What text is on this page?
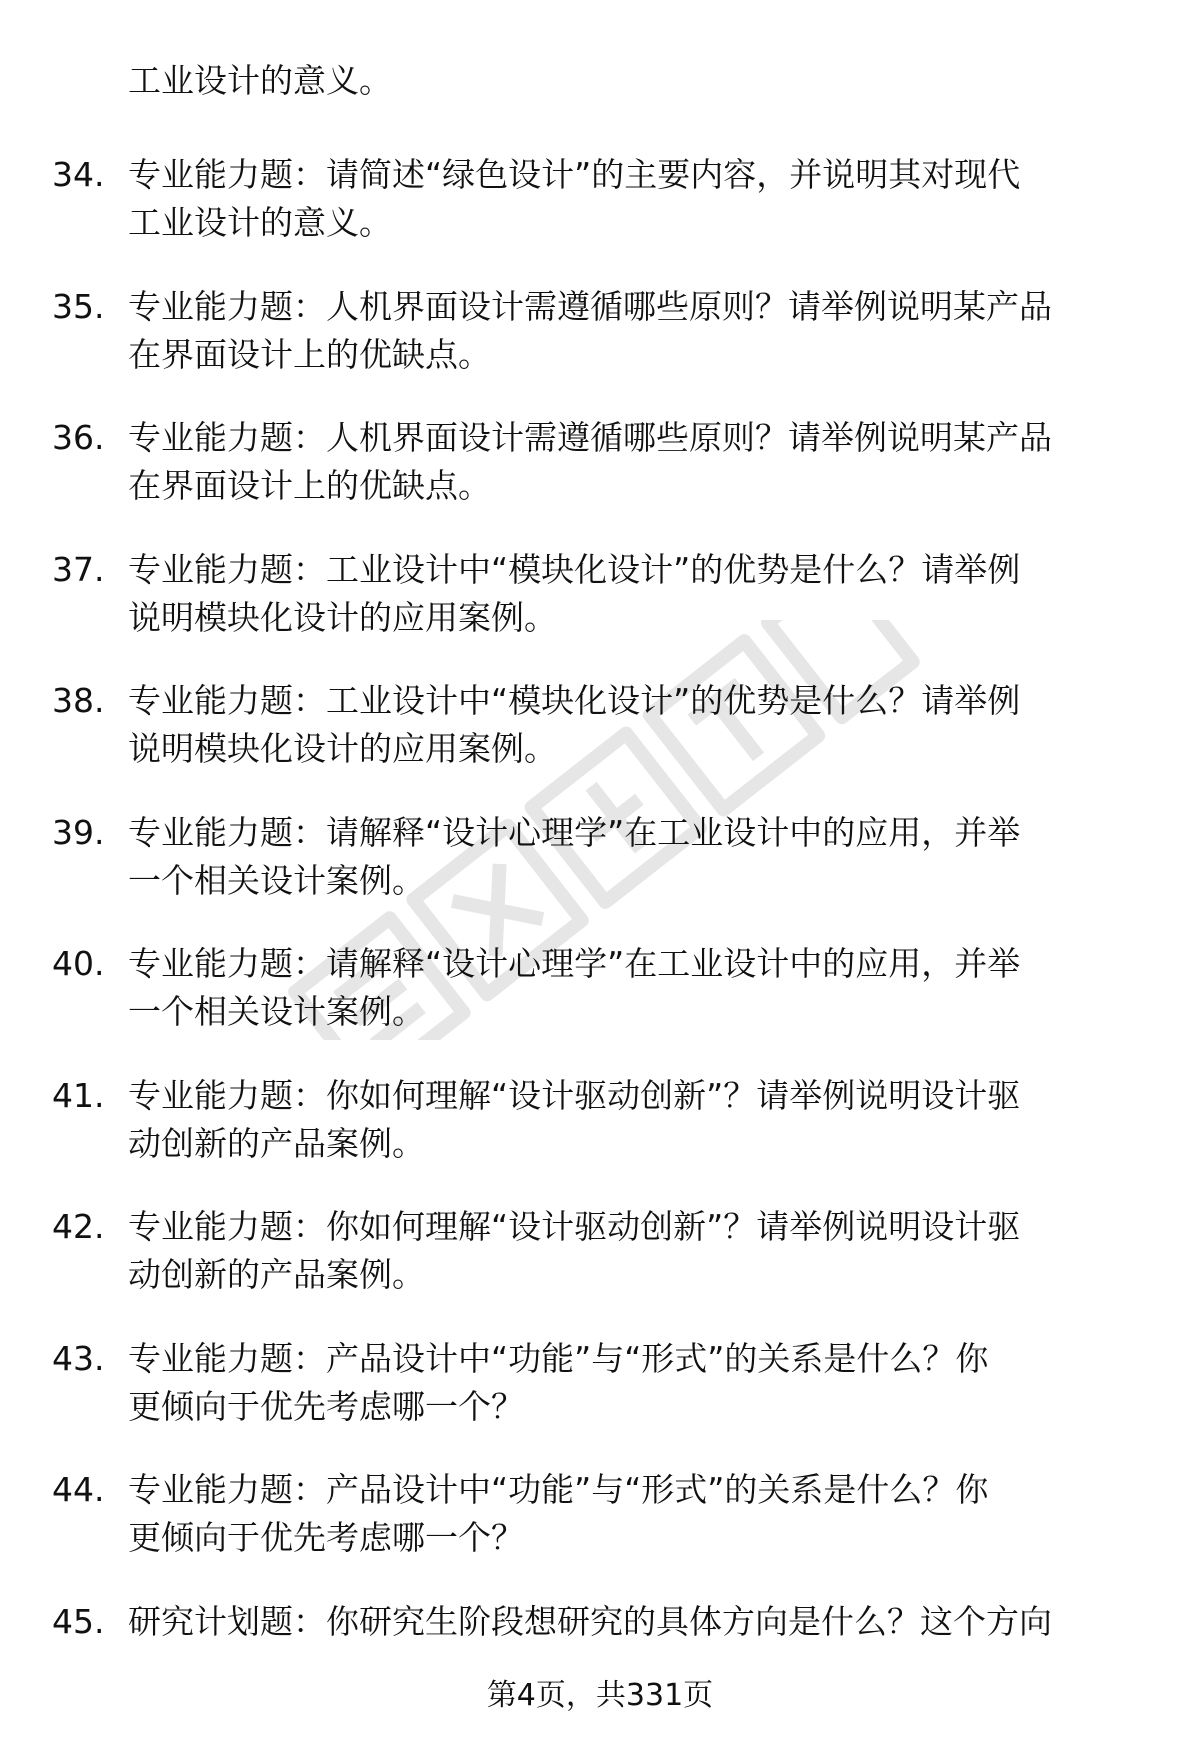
工业设计的意义。
34. 专业能力题：请简述“绿色设计”的主要内容，并说明其对现代
工业设计的意义。
35. 专业能力题：人机界面设计需遵循哪些原则？请举例说明某产品
在界面设计上的优缺点。
36. 专业能力题：人机界面设计需遵循哪些原则？请举例说明某产品
在界面设计上的优缺点。
37. 专业能力题：工业设计中“模块化设计”的优势是什么？请举例
说明模块化设计的应用案例。
38. 专业能力题：工业设计中“模块化设计”的优势是什么？请举例
说明模块化设计的应用案例。
39. 专业能力题：请解释“设计心理学”在工业设计中的应用，并举
一个相关设计案例。
40. 专业能力题：请解释“设计心理学”在工业设计中的应用，并举
一个相关设计案例。
41. 专业能力题：你如何理解“设计驱动创新”？请举例说明设计驱
动创新的产品案例。
42. 专业能力题：你如何理解“设计驱动创新”？请举例说明设计驱
动创新的产品案例。
43. 专业能力题：产品设计中“功能”与“形式”的关系是什么？你
更倾向于优先考虑哪一个？
44. 专业能力题：产品设计中“功能”与“形式”的关系是什么？你
更倾向于优先考虑哪一个？
45. 研究计划题：你研究生阶段想研究的具体方向是什么？这个方向
第4页，共331页
